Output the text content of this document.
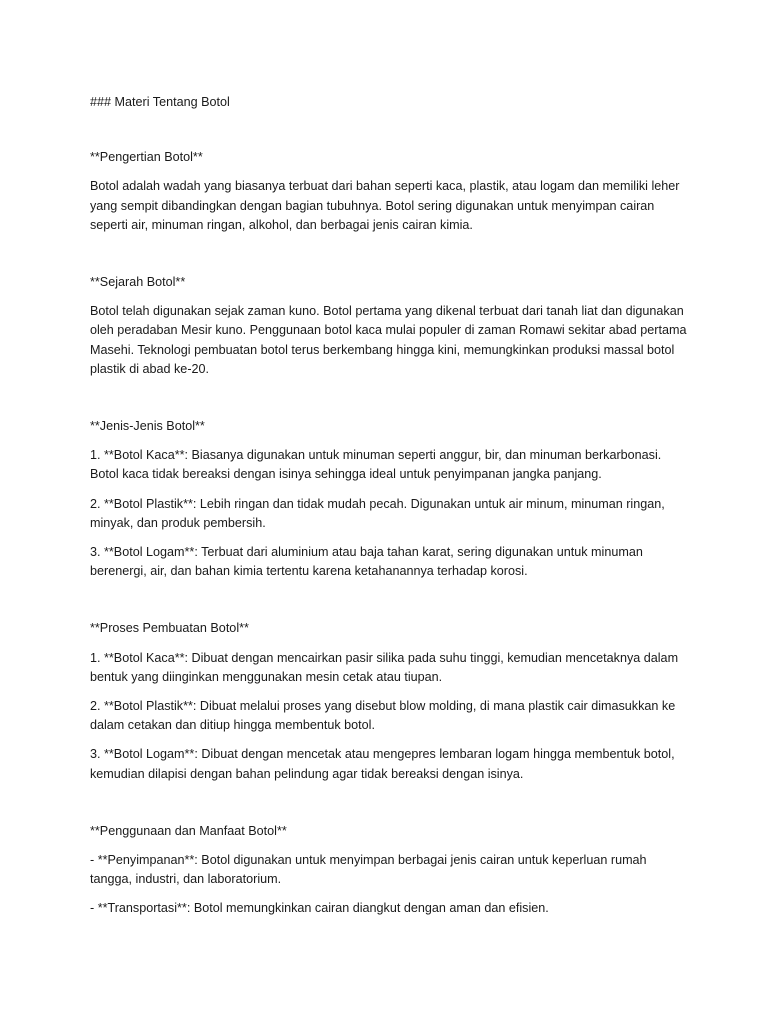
### Materi Tentang Botol

**Pengertian Botol**

Botol adalah wadah yang biasanya terbuat dari bahan seperti kaca, plastik, atau logam dan memiliki leher yang sempit dibandingkan dengan bagian tubuhnya. Botol sering digunakan untuk menyimpan cairan seperti air, minuman ringan, alkohol, dan berbagai jenis cairan kimia.

**Sejarah Botol**

Botol telah digunakan sejak zaman kuno. Botol pertama yang dikenal terbuat dari tanah liat dan digunakan oleh peradaban Mesir kuno. Penggunaan botol kaca mulai populer di zaman Romawi sekitar abad pertama Masehi. Teknologi pembuatan botol terus berkembang hingga kini, memungkinkan produksi massal botol plastik di abad ke-20.

**Jenis-Jenis Botol**

1. **Botol Kaca**: Biasanya digunakan untuk minuman seperti anggur, bir, dan minuman berkarbonasi. Botol kaca tidak bereaksi dengan isinya sehingga ideal untuk penyimpanan jangka panjang.

2. **Botol Plastik**: Lebih ringan dan tidak mudah pecah. Digunakan untuk air minum, minuman ringan, minyak, dan produk pembersih.

3. **Botol Logam**: Terbuat dari aluminium atau baja tahan karat, sering digunakan untuk minuman berenergi, air, dan bahan kimia tertentu karena ketahanannya terhadap korosi.

**Proses Pembuatan Botol**

1. **Botol Kaca**: Dibuat dengan mencairkan pasir silika pada suhu tinggi, kemudian mencetaknya dalam bentuk yang diinginkan menggunakan mesin cetak atau tiupan.

2. **Botol Plastik**: Dibuat melalui proses yang disebut blow molding, di mana plastik cair dimasukkan ke dalam cetakan dan ditiup hingga membentuk botol.

3. **Botol Logam**: Dibuat dengan mencetak atau mengepres lembaran logam hingga membentuk botol, kemudian dilapisi dengan bahan pelindung agar tidak bereaksi dengan isinya.

**Penggunaan dan Manfaat Botol**

- **Penyimpanan**: Botol digunakan untuk menyimpan berbagai jenis cairan untuk keperluan rumah tangga, industri, dan laboratorium.

- **Transportasi**: Botol memungkinkan cairan diangkut dengan aman dan efisien.
